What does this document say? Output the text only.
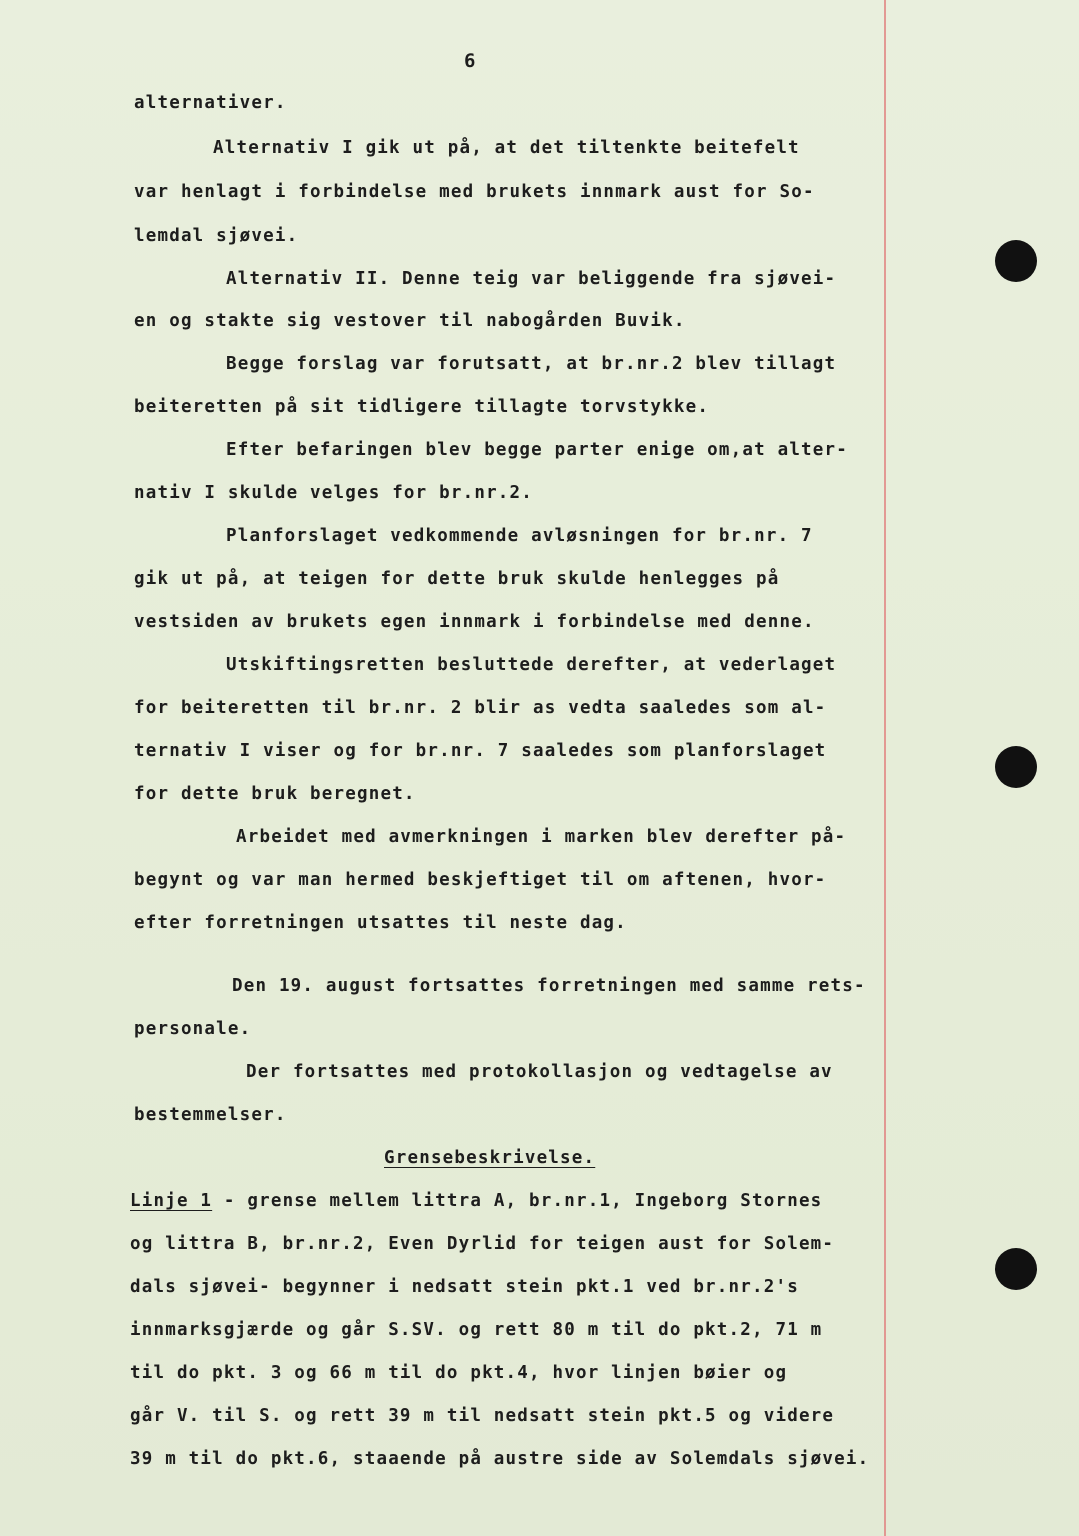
6
alternativer.
Alternativ I gik ut på, at det tiltenkte beitefelt
var henlagt i forbindelse med brukets innmark aust for So-
lemdal sjøvei.
Alternativ II. Denne teig var beliggende fra sjøvei-
en og stakte sig vestover til nabogården Buvik.
Begge forslag var forutsatt, at br.nr.2 blev tillagt
beiteretten på sit tidligere tillagte torvstykke.
Efter befaringen blev begge parter enige om,at alter-
nativ I skulde velges for br.nr.2.
Planforslaget vedkommende avløsningen for br.nr. 7
gik ut på, at teigen for dette bruk skulde henlegges på
vestsiden av brukets egen innmark i forbindelse med denne.
Utskiftingsretten besluttede derefter, at vederlaget
for beiteretten til br.nr. 2 blir as vedta saaledes som al-
ternativ I viser og for br.nr. 7 saaledes som planforslaget
for dette bruk beregnet.
Arbeidet med avmerkningen i marken blev derefter på-
begynt og var man hermed beskjeftiget til om aftenen, hvor-
efter forretningen utsattes til neste dag.
Den 19. august fortsattes forretningen med samme rets-
personale.
Der fortsattes med protokollasjon og vedtagelse av
bestemmelser.
Grensebeskrivelse.
Linje 1 - grense mellem littra A, br.nr.1, Ingeborg Stornes
og littra B, br.nr.2, Even Dyrlid for teigen aust for Solem-
dals sjøvei- begynner i nedsatt stein pkt.1 ved br.nr.2's
innmarksgjærde og går S.SV. og rett 80 m til do pkt.2, 71 m
til do pkt. 3 og 66 m til do pkt.4, hvor linjen bøier og
går V. til S. og rett 39 m til nedsatt stein pkt.5 og videre
39 m til do pkt.6, staaende på austre side av Solemdals sjøvei.
